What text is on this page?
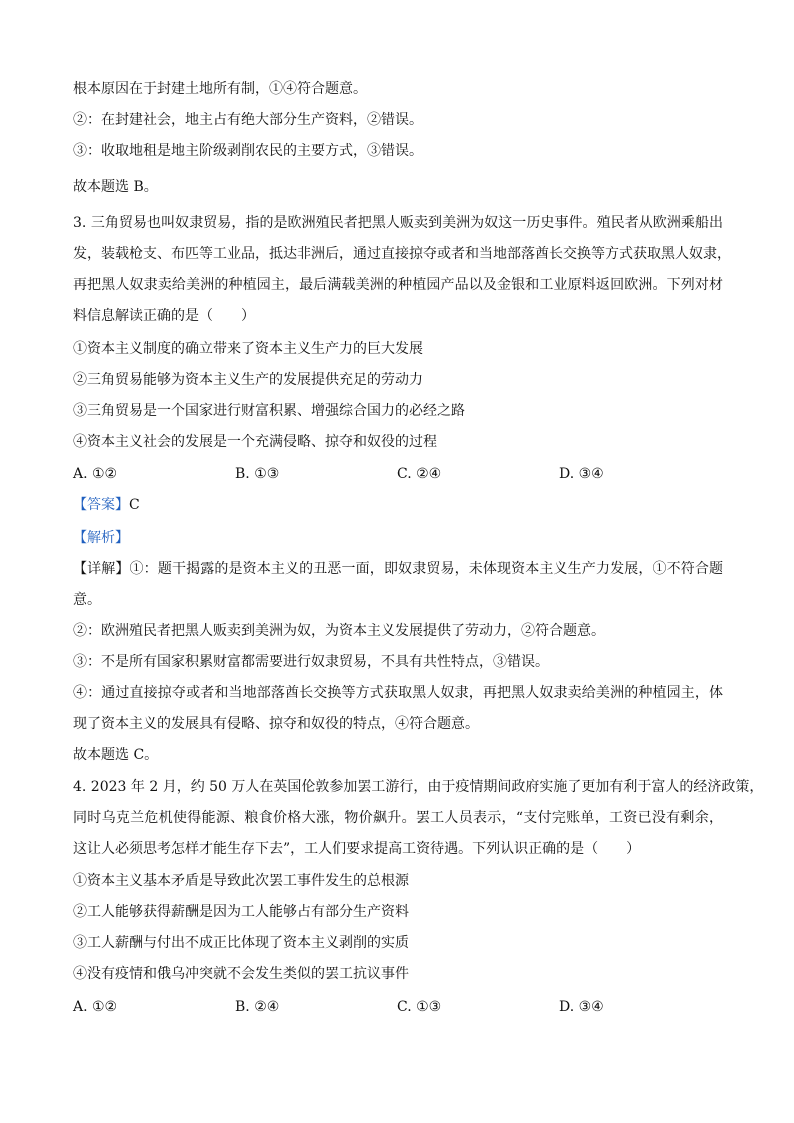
根本原因在于封建土地所有制，①④符合题意。
②：在封建社会，地主占有绝大部分生产资料，②错误。
③：收取地租是地主阶级剥削农民的主要方式，③错误。
故本题选 B。
3. 三角贸易也叫奴隶贸易，指的是欧洲殖民者把黑人贩卖到美洲为奴这一历史事件。殖民者从欧洲乘船出
发，装载枪支、布匹等工业品，抵达非洲后，通过直接掠夺或者和当地部落酋长交换等方式获取黑人奴隶，
再把黑人奴隶卖给美洲的种植园主，最后满载美洲的种植园产品以及金银和工业原料返回欧洲。下列对材
料信息解读正确的是（　　）
①资本主义制度的确立带来了资本主义生产力的巨大发展
②三角贸易能够为资本主义生产的发展提供充足的劳动力
③三角贸易是一个国家进行财富积累、增强综合国力的必经之路
④资本主义社会的发展是一个充满侵略、掠夺和奴役的过程
A. ①②	B. ①③	C. ②④	D. ③④
【答案】C
【解析】
【详解】①：题干揭露的是资本主义的丑恶一面，即奴隶贸易，未体现资本主义生产力发展，①不符合题
意。
②：欧洲殖民者把黑人贩卖到美洲为奴，为资本主义发展提供了劳动力，②符合题意。
③：不是所有国家积累财富都需要进行奴隶贸易，不具有共性特点，③错误。
④：通过直接掠夺或者和当地部落酋长交换等方式获取黑人奴隶，再把黑人奴隶卖给美洲的种植园主，体
现了资本主义的发展具有侵略、掠夺和奴役的特点，④符合题意。
故本题选 C。
4. 2023 年 2 月，约 50 万人在英国伦敦参加罢工游行，由于疫情期间政府实施了更加有利于富人的经济政策，
同时乌克兰危机使得能源、粮食价格大涨，物价飙升。罢工人员表示，“支付完账单，工资已没有剩余，
这让人必须思考怎样才能生存下去”，工人们要求提高工资待遇。下列认识正确的是（　　）
①资本主义基本矛盾是导致此次罢工事件发生的总根源
②工人能够获得薪酬是因为工人能够占有部分生产资料
③工人薪酬与付出不成正比体现了资本主义剥削的实质
④没有疫情和俄乌冲突就不会发生类似的罢工抗议事件
A. ①②	B. ②④	C. ①③	D. ③④
